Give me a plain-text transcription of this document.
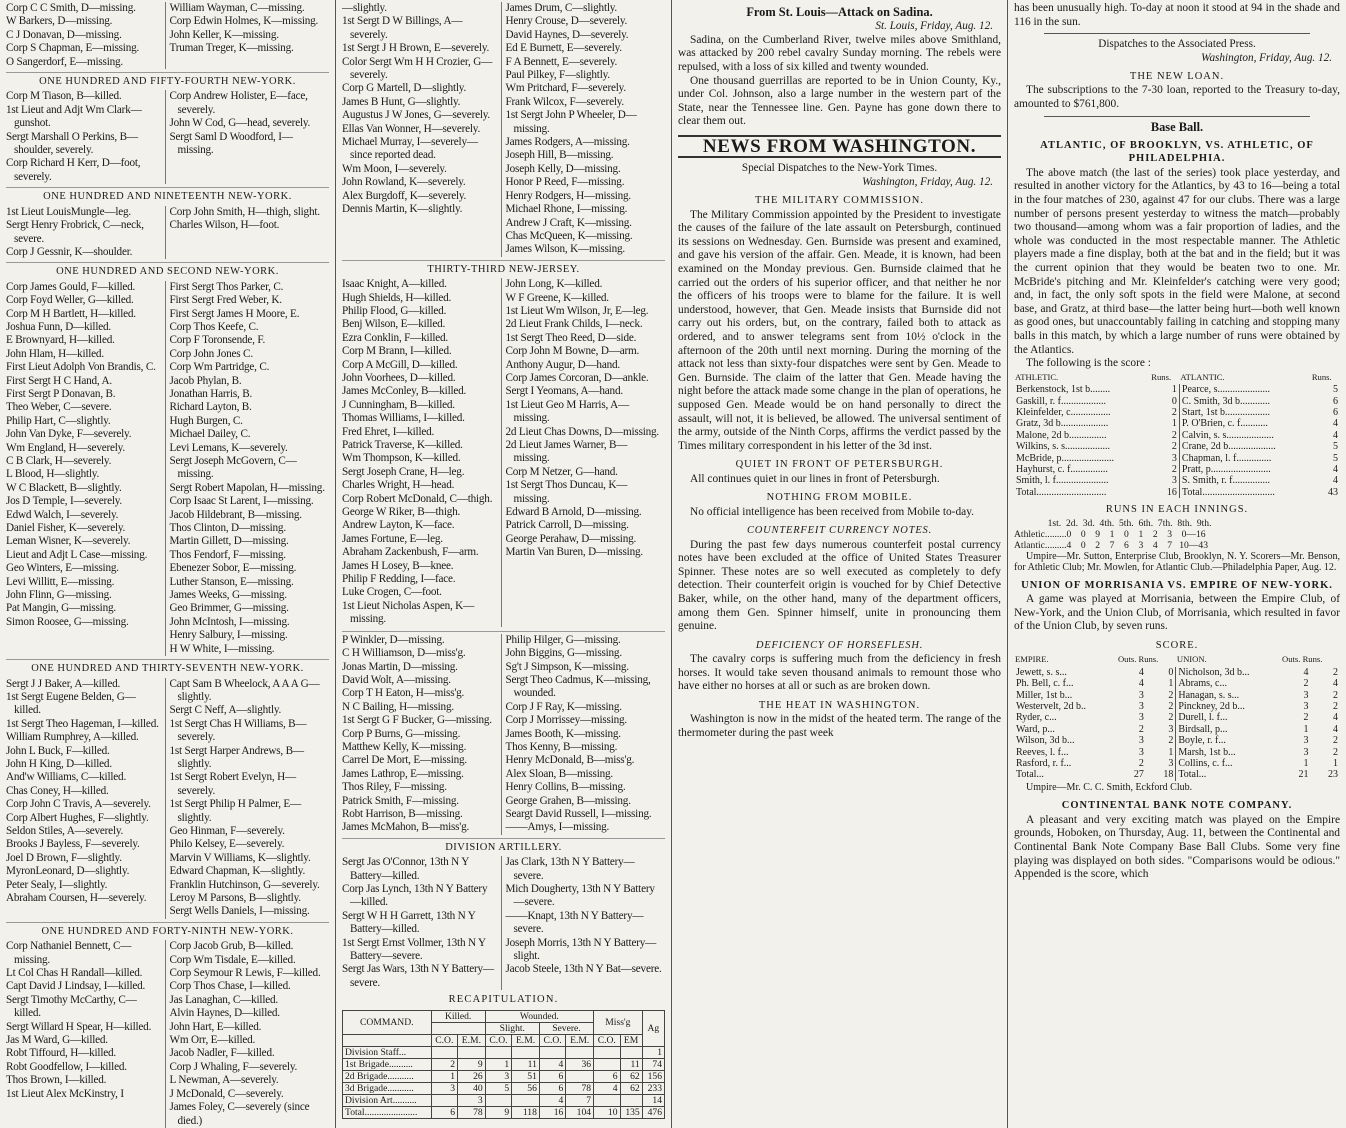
Corp C C Smith, D—missing.
W Barkers, D—missing.
C J Donavan, D—missing.
Corp S Chapman, E—missing.
O Sangerdorf, E—missing.
William Wayman, C—missing.
Corp Edwin Holmes, K—missing.
John Keller, K—missing.
Truman Treger, K—missing.
ONE HUNDRED AND FIFTY-FOURTH NEW-YORK.
Corp M Tiason, B—killed.
1st Lieut and Adjt Wm Clark—gunshot.
Sergt Marshall O Perkins, B—shoulder, severely.
Corp Richard H Kerr, D—foot, severely.
Corp Andrew Holister, E—face, severely.
John W Cod, G—head, severely.
Sergt Saml D Woodford, I—missing.
ONE HUNDRED AND NINETEENTH NEW-YORK.
1st Lieut LouisMungle—leg.
Sergt Henry Frobrick, C—neck, severe.
Corp J Gessnir, K—shoulder.
Corp John Smith, H—thigh, slight.
Charles Wilson, H—foot.
ONE HUNDRED AND SECOND NEW-YORK.
Corp James Gould, F—killed.
Corp Foyd Weller, G—killed.
Corp M H Bartlett, H—killed.
Joshua Funn, D—killed.
E Brownyard, H—killed.
John Hlam, H—killed.
First Lieut Adolph Von Brandis, C.
First Sergt H C Hand, A.
First Sergt P Donavan, B.
Theo Weber, C—severe.
Philip Hart, C—slightly.
John Van Dyke, F—severely.
Wm England, H—severely.
C B Clark, H—severely.
L Blood, H—slightly.
W C Blackett, B—slightly.
Jos D Temple, I—severely.
Edwd Walch, I—severely.
Daniel Fisher, K—severely.
Leman Wisner, K—severely.
Lieut and Adjt L Case—missing.
Geo Winters, E—missing.
Levi Willitt, E—missing.
John Flinn, G—missing.
Pat Mangin, G—missing.
Simon Roosee, G—missing.
First Sergt Thos Parker, C.
First Sergt Fred Weber, K.
First Sergt James H Moore, E.
Corp Thos Keefe, C.
Corp F Toronsende, F.
Corp John Jones C.
Corp Wm Partridge, C.
Jacob Phylan, B.
Jonathan Harris, B.
Richard Layton, B.
Hugh Burgen, C.
Michael Dailey, C.
Levi Lemans, K—severely.
Sergt Joseph McGovern, C—missing.
Sergt Robert Mapolan, H—missing.
Corp Isaac St Larent, I—missing.
Jacob Hildebrant, B—missing.
Thos Clinton, D—missing.
Martin Gillett, D—missing.
Thos Fendorf, F—missing.
Ebenezer Sobor, E—missing.
Luther Stanson, E—missing.
James Weeks, G—missing.
Geo Brimmer, G—missing.
John McIntosh, I—missing.
Henry Salbury, I—missing.
H W White, I—missing.
ONE HUNDRED AND THIRTY-SEVENTH NEW-YORK.
Sergt J J Baker, A—killed.
1st Sergt Eugene Belden, G—killed.
1st Sergt Theo Hageman, I—killed.
William Rumphrey, A—killed.
John L Buck, F—killed.
John H King, D—killed.
And'w Williams, C—killed.
Chas Coney, H—killed.
Corp John C Travis, A—severely.
Corp Albert Hughes, F—slightly.
Seldon Stiles, A—severely.
Brooks J Bayless, F—severely.
Joel D Brown, F—slightly.
MyronLeonard, D—slightly.
Peter Sealy, I—slightly.
Abraham Coursen, H—severely.
Capt Sam B Wheelock, A A A G—slightly.
Sergt C Neff, A—slightly.
1st Sergt Chas H Williams, B—severely.
1st Sergt Harper Andrews, B—slightly.
1st Sergt Robert Evelyn, H—severely.
1st Sergt Philip H Palmer, E—slightly.
Geo Hinman, F—severely.
Philo Kelsey, E—severely.
Marvin V Williams, K—slightly.
Edward Chapman, K—slightly.
Franklin Hutchinson, G—severely.
Leroy M Parsons, B—slightly.
Sergt Wells Daniels, I—missing.
ONE HUNDRED AND FORTY-NINTH NEW-YORK.
Corp Nathaniel Bennett, C—missing.
Lt Col Chas H Randall—killed.
Capt David J Lindsay, I—killed.
Sergt Timothy McCarthy, C—killed.
Sergt Willard H Spear, H—killed.
Jas M Ward, G—killed.
Robt Tiffourd, H—killed.
Robt Goodfellow, I—killed.
Thos Brown, I—killed.
1st Lieut Alex McKinstry, I
Corp Jacob Grub, B—killed.
Corp Wm Tisdale, E—killed.
Corp Seymour R Lewis, F—killed.
Corp Thos Chase, I—killed.
Jas Lanaghan, C—killed.
Alvin Haynes, D—killed.
John Hart, E—killed.
Wm Orr, E—killed.
Jacob Nadler, F—killed.
Corp J Whaling, F—severely.
L Newman, A—severely.
J McDonald, C—severely.
James Foley, C—severely (since died.)
—slightly.
1st Sergt D W Billings, A—severely.
1st Sergt J H Brown, E—severely.
Color Sergt Wm H H Crozier, G—severely.
Corp G Martell, D—slightly.
James B Hunt, G—slightly.
Augustus J W Jones, G—severely.
Ellas Van Wonner, H—severely.
Michael Murray, I—severely—since reported dead.
Wm Moon, I—severely.
John Rowland, K—severely.
Alex Burgdoff, K—severely.
Dennis Martin, K—slightly.
James Drum, C—slightly.
Henry Crouse, D—severely.
David Haynes, D—severely.
Ed E Burnett, E—severely.
F A Bennett, E—severely.
Paul Pilkey, F—slightly.
Wm Pritchard, F—severely.
Frank Wilcox, F—severely.
1st Sergt John P Wheeler, D—missing.
James Rodgers, A—missing.
Joseph Hill, B—missing.
Joseph Kelly, D—missing.
Honor P Reed, F—missing.
Henry Rodgers, H—missing.
Michael Rhone, I—missing.
Andrew J Craft, K—missing.
Chas McQueen, K—missing.
James Wilson, K—missing.
THIRTY-THIRD NEW-JERSEY.
Isaac Knight, A—killed.
Hugh Shields, H—killed.
Philip Flood, G—killed.
Benj Wilson, E—killed.
Ezra Conklin, F—killed.
Corp M Brann, I—killed.
Corp A McGill, D—killed.
John Voorhees, D—killed.
James McConley, B—killed.
J Cunningham, B—killed.
Thomas Williams, I—killed.
Fred Ehret, I—killed.
Patrick Traverse, K—killed.
Wm Thompson, K—killed.
Sergt Joseph Crane, H—leg.
Charles Wright, H—head.
Corp Robert McDonald, C—thigh.
George W Riker, B—thigh.
Andrew Layton, K—face.
James Fortune, E—leg.
Abraham Zackenbush, F—arm.
James H Losey, B—knee.
Philip F Redding, I—face.
Luke Crogen, C—foot.
1st Lieut Nicholas Aspen, K—missing.
John Long, K—killed.
W F Greene, K—killed.
1st Lieut Wm Wilson, Jr, E—leg.
2d Lieut Frank Childs, I—neck.
1st Sergt Theo Reed, D—side.
Corp John M Bowne, D—arm.
Anthony Augur, D—hand.
Corp James Corcoran, D—ankle.
Sergt I Yeomans, A—hand.
1st Lieut Geo M Harris, A—missing.
2d Lieut Chas Downs, D—missing.
2d Lieut James Warner, B—missing.
Corp M Netzer, G—hand.
1st Sergt Thos Duncau, K—missing.
Edward B Arnold, D—missing.
Patrick Carroll, D—missing.
George Perahaw, D—missing.
Martin Van Buren, D—missing.
P Winkler, D—missing.
C H Williamson, D—miss'g.
Jonas Martin, D—missing.
David Wolt, A—missing.
Corp T H Eaton, H—miss'g.
N C Bailing, H—missing.
1st Sergt G F Bucker, G—missing.
Corp P Burns, G—missing.
Matthew Kelly, K—missing.
Carrel De Mort, E—missing.
James Lathrop, E—missing.
Thos Riley, F—missing.
Patrick Smith, F—missing.
Robt Harrison, B—missing.
James McMahon, B—miss'g.
Philip Hilger, G—missing.
John Biggins, G—missing.
Sg't J Simpson, K—missing.
Sergt Theo Cadmus, K—missing, wounded.
Corp J F Ray, K—missing.
Corp J Morrissey—missing.
James Booth, K—missing.
Thos Kenny, B—missing.
Henry McDonald, B—miss'g.
Alex Sloan, B—missing.
Henry Collins, B—missing.
George Grahen, B—missing.
Seargt David Russell, I—missing.
——Amys, I—missing.
DIVISION ARTILLERY.
Sergt Jas O'Connor, 13th N Y Battery—killed.
Corp Jas Lynch, 13th N Y Battery—killed.
Sergt W H H Garrett, 13th N Y Battery—killed.
1st Sergt Ernst Vollmer, 13th N Y Battery—severe.
Sergt Jas Wars, 13th N Y Battery—severe.
Jas Clark, 13th N Y Battery—severe.
Mich Dougherty, 13th N Y Battery—severe.
——Knapt, 13th N Y Battery—severe.
Joseph Morris, 13th N Y Battery—slight.
Jacob Steele, 13th N Y Bat—severe.
RECAPITULATION.
COMMAND.	Killed.		Wounded.				Miss'g		Ag
			Slight.		Severe.				
	C.O.	E.M.	C.O.	E.M.	C.O.	E.M.	C.O.	EM	
Division Staff...									1
1st Brigade..........	2	9	1	11	4	36		11	74
2d Brigade...........	1	26	3	51	6		6	62	156
3d Brigade...........	3	40	5	56	6	78	4	62	233
Division Art..........		3			4	7			14
Total......................	6	78	9	118	16	104	10	135	476
From St. Louis—Attack on Sadina.
St. Louis, Friday, Aug. 12.

Sadina, on the Cumberland River, twelve miles above Smithland, was attacked by 200 rebel cavalry Sunday morning. The rebels were repulsed, with a loss of six killed and twenty wounded.

One thousand guerrillas are reported to be in Union County, Ky., under Col. Johnson, also a large number in the western part of the State, near the Tennessee line. Gen. Payne has gone down there to clear them out.

NEWS FROM WASHINGTON.
Special Dispatches to the New-York Times.
Washington, Friday, Aug. 12.
THE MILITARY COMMISSION.

The Military Commission appointed by the President to investigate the causes of the failure of the late assault on Petersburgh, continued its sessions on Wednesday. Gen. Burnside was present and examined, and gave his version of the affair. Gen. Meade, it is known, had been examined on the Monday previous. Gen. Burnside claimed that he carried out the orders of his superior officer, and that neither he nor the officers of his troops were to blame for the failure. It is well understood, however, that Gen. Meade insists that Burnside did not carry out his orders, but, on the contrary, failed both to attack as ordered, and to answer telegrams sent from 10½ o'clock in the afternoon of the 20th until next morning. During the morning of the attack not less than sixty-four dispatches were sent by Gen. Meade to Gen. Burnside. The claim of the latter that Gen. Meade having the night before the attack made some change in the plan of operations, he supposed Gen. Meade would be on hand personally to direct the assault, will not, it is believed, be allowed. The universal sentiment of the army, outside of the Ninth Corps, affirms the verdict passed by the Times military correspondent in his letter of the 3d inst.

QUIET IN FRONT OF PETERSBURGH.

All continues quiet in our lines in front of Petersburgh.

NOTHING FROM MOBILE.

No official intelligence has been received from Mobile to-day.

COUNTERFEIT CURRENCY NOTES.

During the past few days numerous counterfeit postal currency notes have been excluded at the office of United States Treasurer Spinner. These notes are so well executed as completely to defy detection. Their counterfeit origin is vouched for by Chief Detective Baker, while, on the other hand, many of the department officers, among them Gen. Spinner himself, unite in pronouncing them genuine.

DEFICIENCY OF HORSEFLESH.

The cavalry corps is suffering much from the deficiency in fresh horses. It would take seven thousand animals to remount those who have either no horses at all or such as are broken down.

THE HEAT IN WASHINGTON.

Washington is now in the midst of the heated term. The range of the thermometer during the past week

has been unusually high. To-day at noon it stood at 94 in the shade and 116 in the sun.

Dispatches to the Associated Press.
Washington, Friday, Aug. 12.
THE NEW LOAN.

The subscriptions to the 7-30 loan, reported to the Treasury to-day, amounted to $761,800.

Base Ball.
ATLANTIC, OF BROOKLYN, VS. ATHLETIC, OF PHILADELPHIA.

The above match (the last of the series) took place yesterday, and resulted in another victory for the Atlantics, by 43 to 16—being a total in the four matches of 230, against 47 for our clubs. There was a large number of persons present yesterday to witness the match—probably two thousand—among whom was a fair proportion of ladies, and the whole was conducted in the most respectable manner. The Athletic players made a fine display, both at the bat and in the field; but it was the current opinion that they would be beaten two to one. Mr. McBride's pitching and Mr. Kleinfelder's catching were very good; and, in fact, the only soft spots in the field were Malone, at second base, and Gratz, at third base—the latter being hurt—both well known as good ones, but unaccountably failing in catching and stopping many balls in this match, by which a large number of runs were obtained by the Atlantics.

The following is the score :

ATHLETIC.	Runs.	ATLANTIC.	Runs.
Berkenstock, 1st b........	1	Pearce, s.....................	5
Gaskill, r. f..................	0	C. Smith, 3d b............	6
Kleinfelder, c................	2	Start, 1st b..................	6
Gratz, 3d b...................	1	P. O'Brien, c. f...........	4
Malone, 2d b...............	2	Calvin, s. s...................	4
Wilkins, s. s..................	2	Crane, 2d b...................	5
McBride, p.....................	3	Chapman, l. f..............	5
Hayhurst, c. f...............	2	Pratt, p........................	4
Smith, l. f.....................	3	S. Smith, r. f...............	4
Total............................	16	Total.............................	43
RUNS IN EACH INNINGS.
1st.  2d.  3d.  4th.  5th.  6th.  7th.  8th.  9th.
Athletic.........0    0    9    1    0    1    2    3    0—16
Atlantic.........4    0    2    7    6    3    4    7   10—43

Umpire—Mr. Sutton, Enterprise Club, Brooklyn, N. Y. Scorers—Mr. Benson, for Athletic Club; Mr. Mowlen, for Atlantic Club.—Philadelphia Paper, Aug. 12.

UNION OF MORRISANIA VS. EMPIRE OF NEW-YORK.

A game was played at Morrisania, between the Empire Club, of New-York, and the Union Club, of Morrisania, which resulted in favor of the Union Club, by seven runs.

SCORE.
EMPIRE.	Outs. Runs.		UNION.	Outs. Runs.	
Jewett, s. s...	4	0	Nicholson, 3d b...	4	2
Ph. Bell, c. f...	4	1	Abrams, c...	2	4
Miller, 1st b...	3	2	Hanagan, s. s...	3	2
Westervelt, 2d b..	3	2	Pinckney, 2d b...	3	2
Ryder, c...	3	2	Durell, l. f...	2	4
Ward, p...	2	3	Birdsall, p...	1	4
Wilson, 3d b...	3	2	Boyle, r. f...	3	2
Reeves, l. f...	3	1	Marsh, 1st b...	3	2
Rasford, r. f...	2	3	Collins, c. f...	1	1
Total...	27	18	Total...	21	23

Umpire—Mr. C. C. Smith, Eckford Club.

CONTINENTAL BANK NOTE COMPANY.

A pleasant and very exciting match was played on the Empire grounds, Hoboken, on Thursday, Aug. 11, between the Continental and Continental Bank Note Company Base Ball Clubs. Some very fine playing was displayed on both sides. "Comparisons would be odious." Appended is the score, which
